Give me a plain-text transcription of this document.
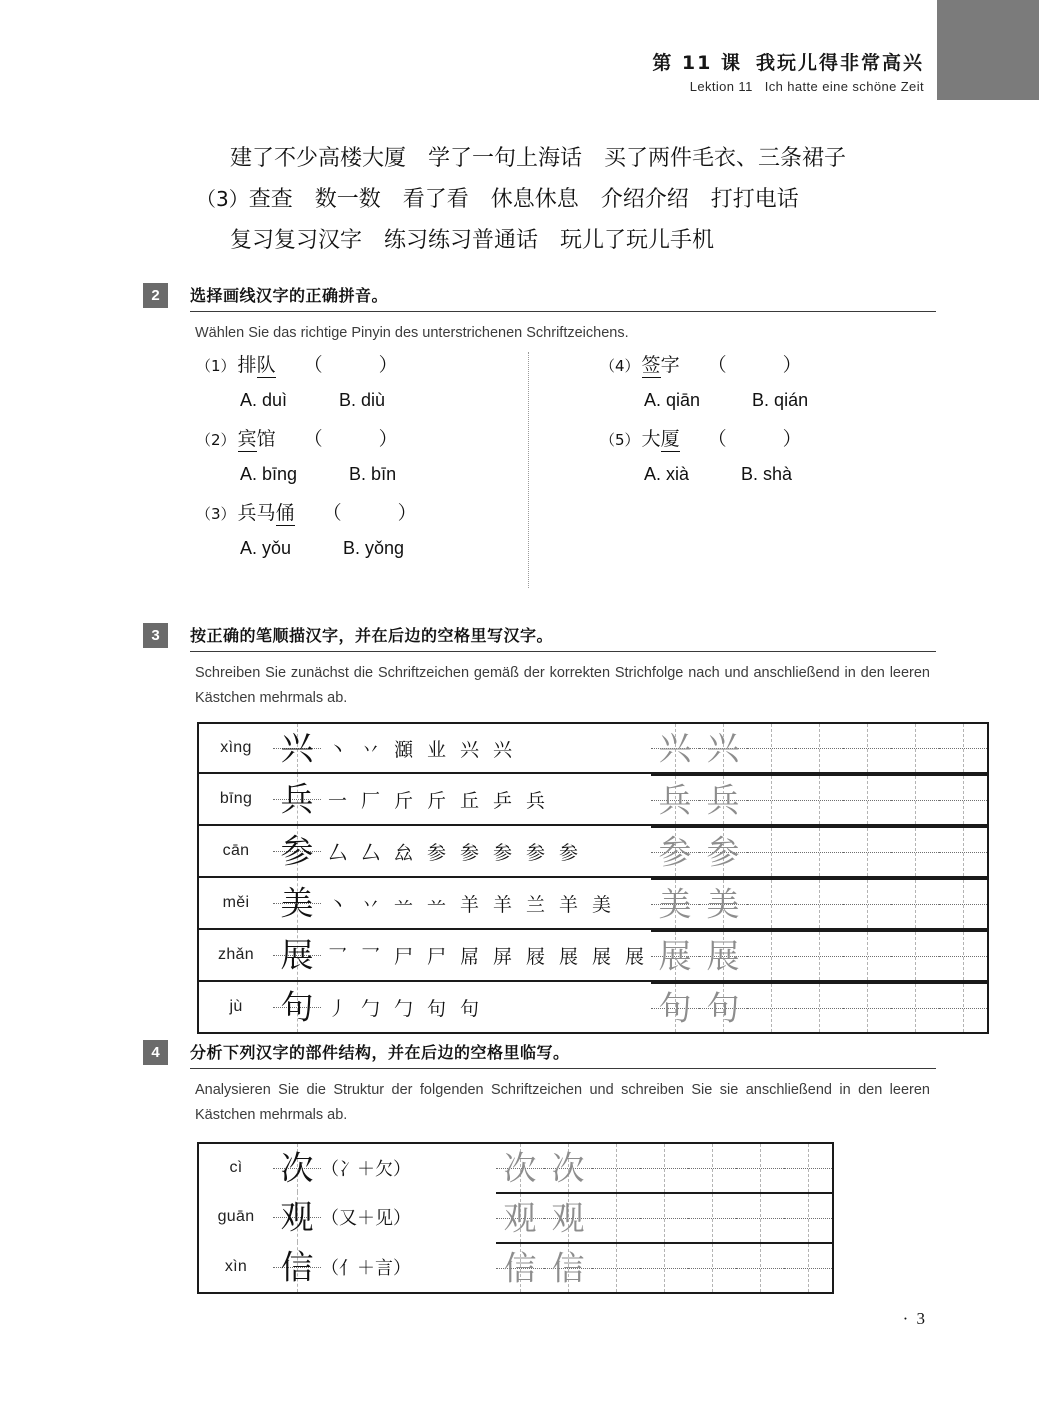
第 11 课 我玩儿得非常高兴
Lektion 11 Ich hatte eine schöne Zeit
建了不少高楼大厦　学了一句上海话　买了两件毛衣、三条裙子
（3）查查　数一数　看了看　休息休息　介绍介绍　打打电话
复习复习汉字　练习练习普通话　玩儿了玩儿手机
2	选择画线汉字的正确拼音。
Wählen Sie das richtige Pinyin des unterstrichenen Schriftzeichens.
（1） 排队 （	）
A. duì	B. diù
（2） 宾馆 （	）
A. bīng	B. bīn
（3） 兵马俑 （	）
A. yǒu	B. yǒng
（4） 签字 （	）
A. qiān	B. qián
（5） 大厦 （	）
A. xià	B. shà
3	按正确的笔顺描汉字，并在后边的空格里写汉字。
Schreiben Sie zunächst die Schriftzeichen gemäß der korrekten Strichfolge nach und anschließend in den leeren Kästchen mehrmals ab.
xìng	兴	丶 丷 㶊 业 兴 兴		兴	兴

bīng	兵	一 厂 斤 斤 丘 乒 兵		兵	兵

cān	参	厶 厶 厽 参 参 参 参 参	参	参

měi	美	丶 丷 䒑 䒑 羊 羊 兰 羊 美	美	美

zhǎn	展	乛 乛 尸 尸 屌 屏 屐 展 展 展	展	展

jù	句	丿 勹 勹 句 句		句	句

4	分析下列汉字的部件结构，并在后边的空格里临写。
Analysieren Sie die Struktur der folgenden Schriftzeichen und schreiben Sie sie anschließend in den leeren Kästchen mehrmals ab.
cì	次	（冫＋欠）		次	次

guān	观	（又＋见）		观	观

xìn	信	（亻＋言）		信	信

· 3
